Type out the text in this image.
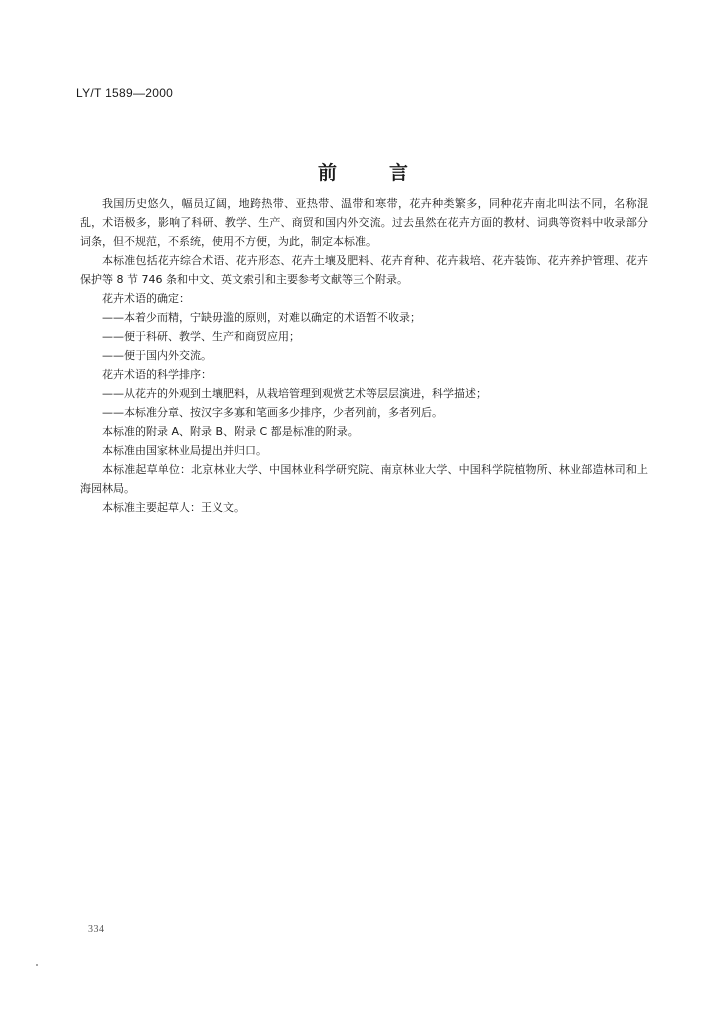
LY/T 1589—2000
前言

我国历史悠久，幅员辽阔，地跨热带、亚热带、温带和寒带，花卉种类繁多，同种花卉南北叫法不同，名称混乱，术语极多，影响了科研、教学、生产、商贸和国内外交流。过去虽然在花卉方面的教材、词典等资料中收录部分词条，但不规范，不系统，使用不方便，为此，制定本标准。

本标准包括花卉综合术语、花卉形态、花卉土壤及肥料、花卉育种、花卉栽培、花卉装饰、花卉养护管理、花卉保护等 8 节 746 条和中文、英文索引和主要参考文献等三个附录。

花卉术语的确定：

——本着少而精，宁缺毋滥的原则，对难以确定的术语暂不收录；

——便于科研、教学、生产和商贸应用；

——便于国内外交流。

花卉术语的科学排序：

——从花卉的外观到土壤肥料，从栽培管理到观赏艺术等层层演进，科学描述；

——本标准分章、按汉字多寡和笔画多少排序，少者列前，多者列后。

本标准的附录 A、附录 B、附录 C 都是标准的附录。

本标准由国家林业局提出并归口。

本标准起草单位：北京林业大学、中国林业科学研究院、南京林业大学、中国科学院植物所、林业部造林司和上海园林局。

本标准主要起草人：王义文。

334
